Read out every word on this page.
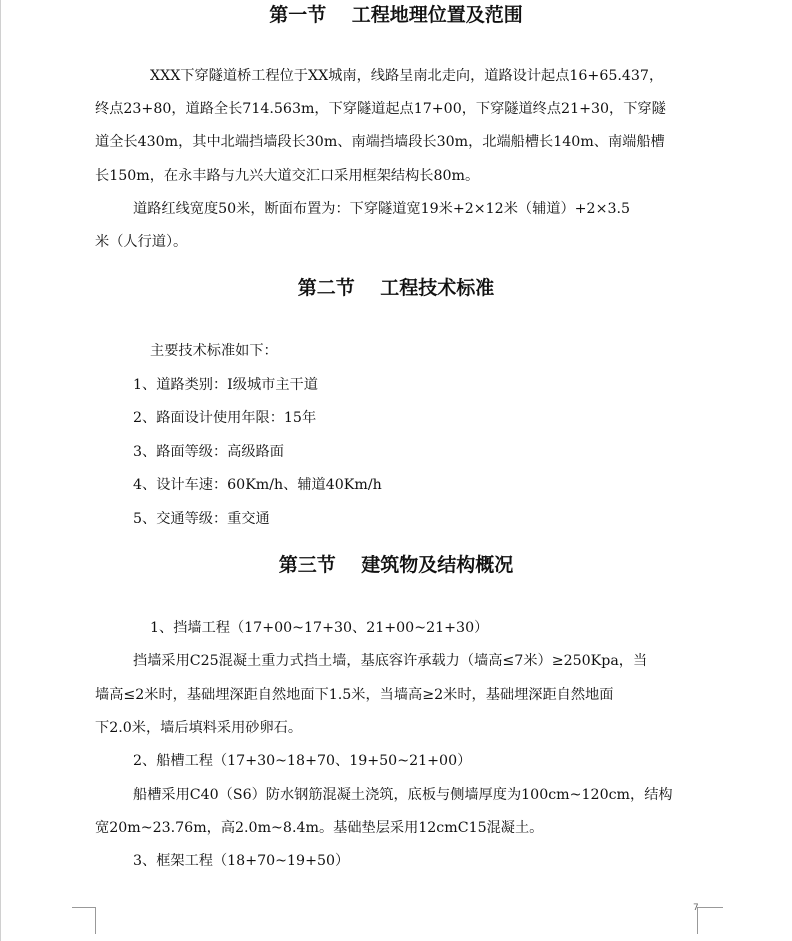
第一节　 工程地理位置及范围
XXX下穿隧道桥工程位于XX城南，线路呈南北走向，道路设计起点16+65.437，
终点23+80，道路全长714.563m，下穿隧道起点17+00，下穿隧道终点21+30，下穿隧
道全长430m，其中北端挡墙段长30m、南端挡墙段长30m，北端船槽长140m、南端船槽
长150m，在永丰路与九兴大道交汇口采用框架结构长80m。
道路红线宽度50米，断面布置为：下穿隧道宽19米+2×12米（辅道）+2×3.5
米（人行道）。
第二节　 工程技术标准
主要技术标准如下：
1、道路类别：Ⅰ级城市主干道
2、路面设计使用年限：15年
3、路面等级：高级路面
4、设计车速：60Km/h、辅道40Km/h
5、交通等级：重交通
第三节　 建筑物及结构概况
1、挡墙工程（17+00~17+30、21+00~21+30）
挡墙采用C25混凝土重力式挡土墙，基底容许承载力（墙高≤7米）≥250Kpa，当
墙高≤2米时，基础埋深距自然地面下1.5米，当墙高≥2米时，基础埋深距自然地面
下2.0米，墙后填料采用砂卵石。
2、船槽工程（17+30~18+70、19+50~21+00）
船槽采用C40（S6）防水钢筋混凝土浇筑，底板与侧墙厚度为100cm~120cm，结构
宽20m~23.76m，高2.0m~8.4m。基础垫层采用12cmC15混凝土。
3、框架工程（18+70~19+50）
7
